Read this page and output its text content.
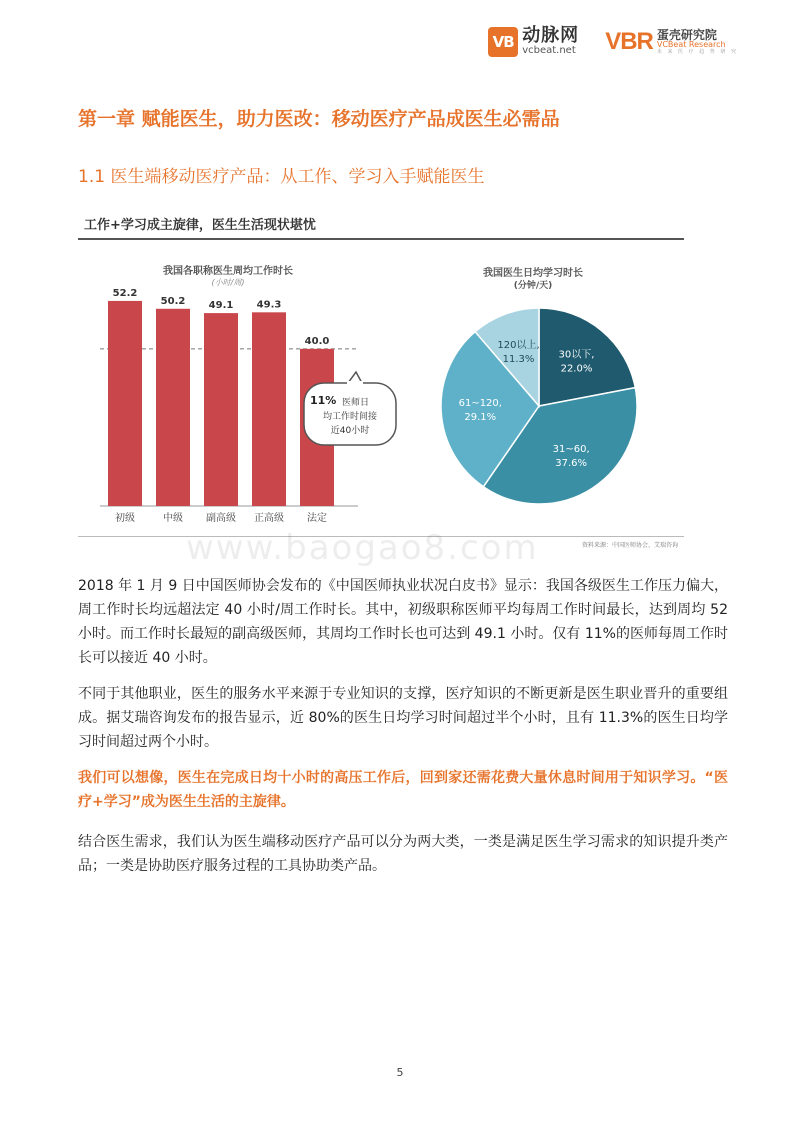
VB 动脉网
vcbeat.net VBR 蛋壳研究院
VCBeat Research
未 来 医 疗 趋 势 研 究
第一章 赋能医生，助力医改：移动医疗产品成医生必需品
1.1 医生端移动医疗产品：从工作、学习入手赋能医生
工作+学习成主旋律，医生生活现状堪忧
我国各职称医生周均工作时长
(小时/周)
我国医生日均学习时长
(分钟/天)
52.2
初级
50.2
中级
49.1
副高级
49.3
正高级
40.0
法定
11% 医师日
均工作时间接
近40小时
30以下,
22.0%
31~60,
37.6%
61~120,
29.1%
120以上,
11.3%
资料来源：中国医师协会、艾瑞咨询
www.baogao8.com

2018 年 1 月 9 日中国医师协会发布的《中国医师执业状况白皮书》显示：我国各级医生工作压力偏大，周工作时长均远超法定 40 小时/周工作时长。其中，初级职称医师平均每周工作时间最长，达到周均 52 小时。而工作时长最短的副高级医师，其周均工作时长也可达到 49.1 小时。仅有 11%的医师每周工作时长可以接近 40 小时。

不同于其他职业，医生的服务水平来源于专业知识的支撑，医疗知识的不断更新是医生职业晋升的重要组成。据艾瑞咨询发布的报告显示，近 80%的医生日均学习时间超过半个小时，且有 11.3%的医生日均学习时间超过两个小时。

我们可以想像，医生在完成日均十小时的高压工作后，回到家还需花费大量休息时间用于知识学习。“医疗+学习”成为医生生活的主旋律。

结合医生需求，我们认为医生端移动医疗产品可以分为两大类，一类是满足医生学习需求的知识提升类产品；一类是协助医疗服务过程的工具协助类产品。

5
